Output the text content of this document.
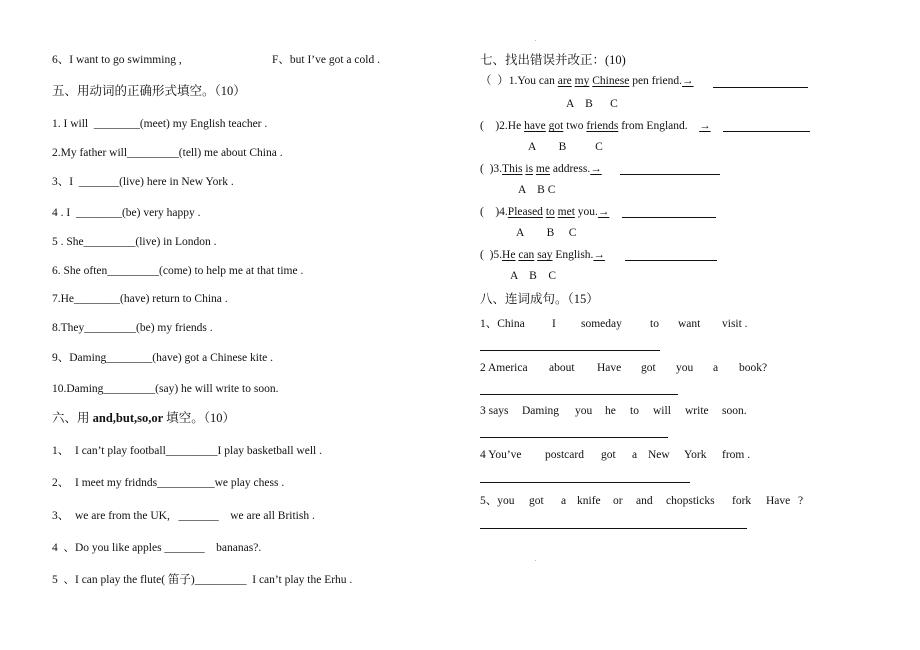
6、I want to go swimming ,	F、but I’ve got a cold .
五、用动词的正确形式填空。（10）
1. I will  ________(meet) my English teacher .
2.My father will_________(tell) me about China .
3、I  _______(live) here in New York .
4 . I  ________(be) very happy .
5 . She_________(live) in London .
6. She often_________(come) to help me at that time .
7.He________(have) return to China .
8.They_________(be) my friends .
9、Daming________(have) got a Chinese kite .
10.Daming_________(say) he will write to soon.
六、用 and,but,so,or 填空。（10）
1、  I can’t play football_________I play basketball well .
2、  I meet my fridnds__________we play chess .
3、  we are from the UK,   _______    we are all British .
4  、Do you like apples _______    bananas?.
5  、I can play the flute( 笛子)_________  I can’t play the Erhu .
七、找出错误并改正：(10)
（  ）1.You can are my Chinese pen friend.→
A    B      C
(    )2.He have got two friends from England. →
A        B          C
(  )3.This is me address.→
A    B C
(    )4.Pleased to met you.→
A        B     C
(  )5.He can say English.→
A    B    C
八、连词成句。（15）
1、China I someday to want visit .
2 America about Have got you a book?
3 says Daming you he to will write soon.
4 You’ve postcard got a New York from .
5、you got a knife or and chopsticks fork Have ?
